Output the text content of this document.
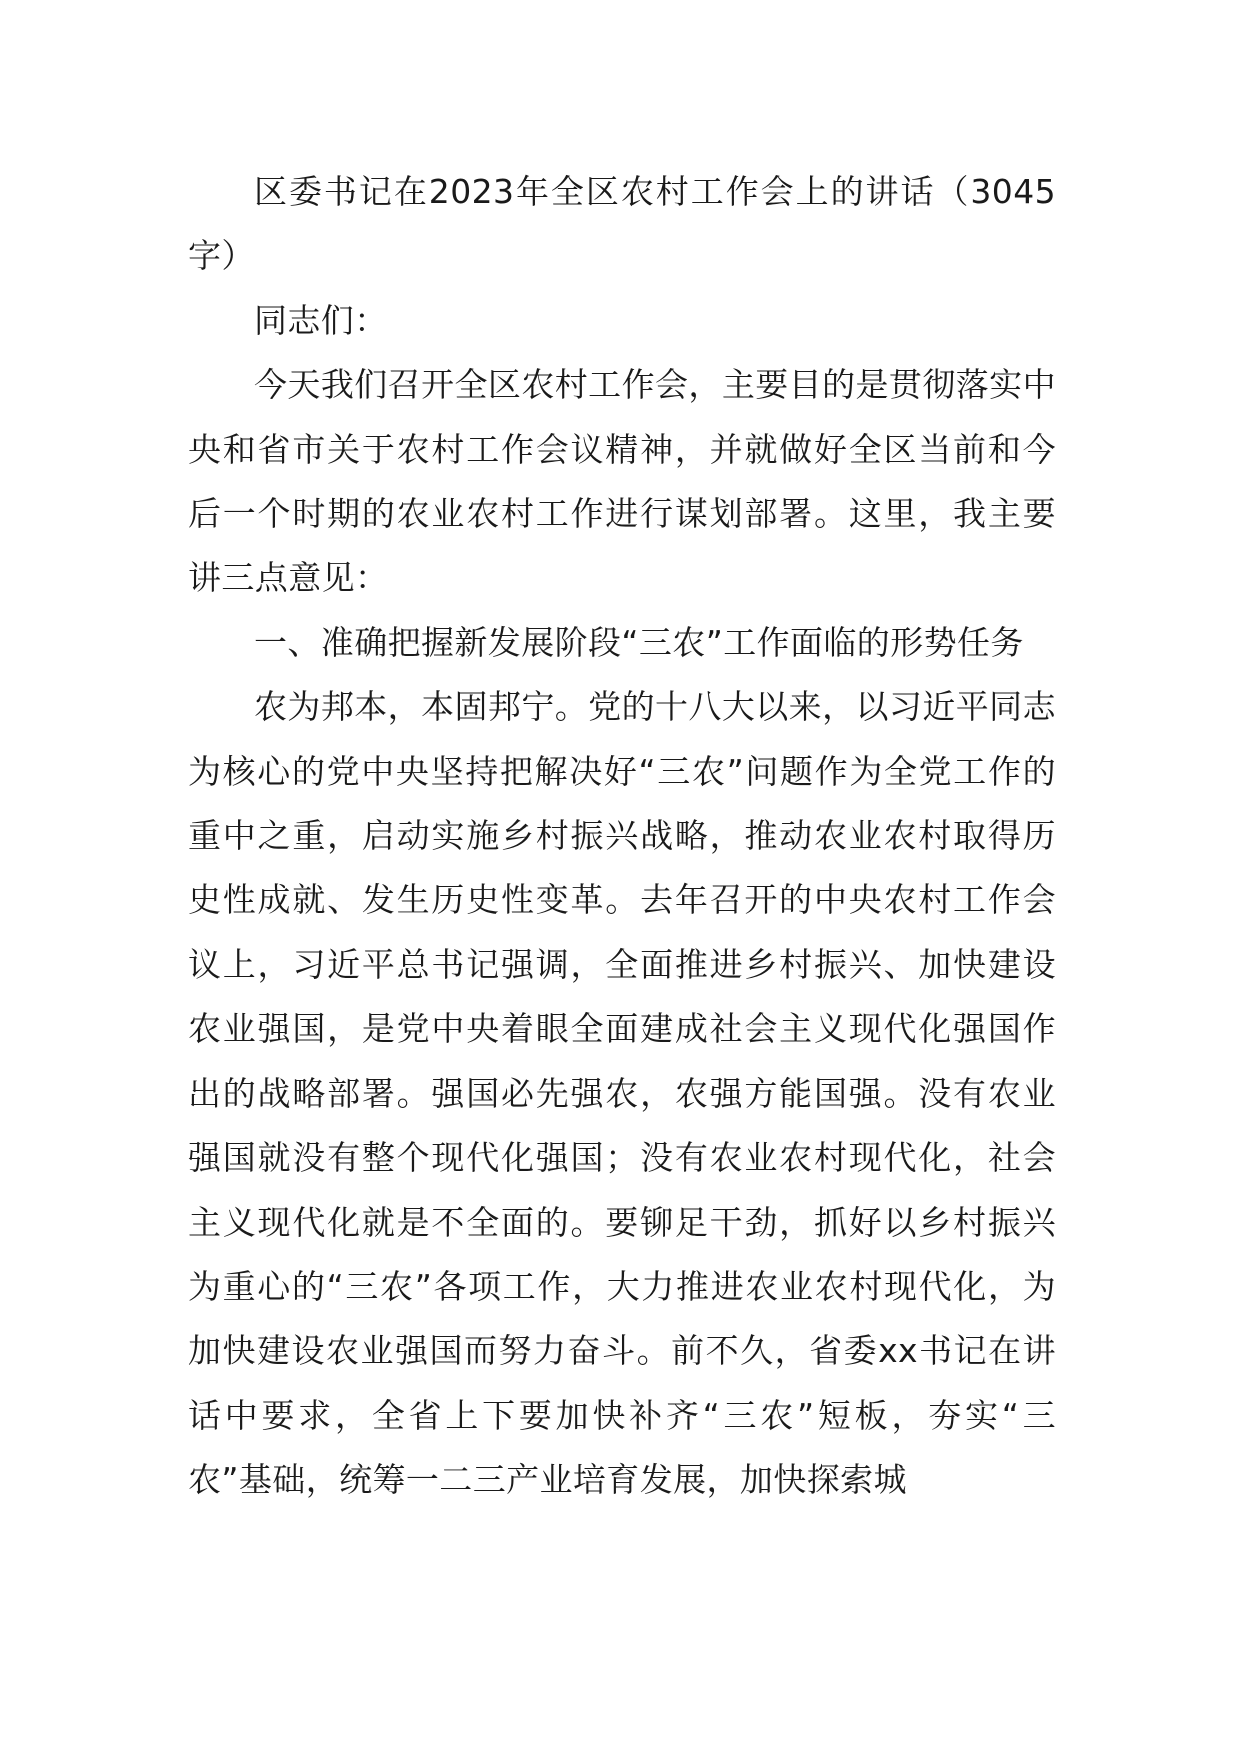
区委书记在2023年全区农村工作会上的讲话（3045字）

同志们：

今天我们召开全区农村工作会，主要目的是贯彻落实中央和省市关于农村工作会议精神，并就做好全区当前和今后一个时期的农业农村工作进行谋划部署。这里，我主要讲三点意见：

一、准确把握新发展阶段“三农”工作面临的形势任务

农为邦本，本固邦宁。党的十八大以来，以习近平同志为核心的党中央坚持把解决好“三农”问题作为全党工作的重中之重，启动实施乡村振兴战略，推动农业农村取得历史性成就、发生历史性变革。去年召开的中央农村工作会议上，习近平总书记强调，全面推进乡村振兴、加快建设农业强国，是党中央着眼全面建成社会主义现代化强国作出的战略部署。强国必先强农，农强方能国强。没有农业强国就没有整个现代化强国；没有农业农村现代化，社会主义现代化就是不全面的。要铆足干劲，抓好以乡村振兴为重心的“三农”各项工作，大力推进农业农村现代化，为加快建设农业强国而努力奋斗。前不久，省委xx书记在讲话中要求，全省上下要加快补齐“三农”短板，夯实“三农”基础，统筹一二三产业培育发展，加快探索城
